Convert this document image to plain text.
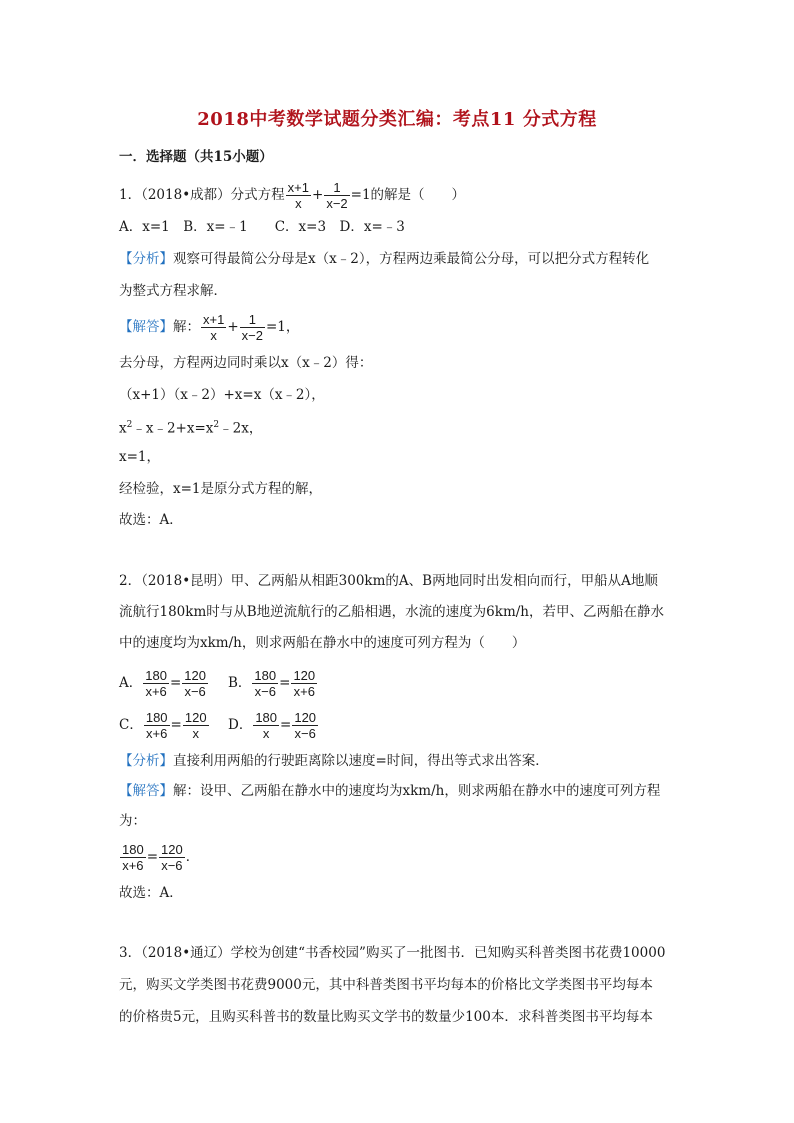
2018中考数学试题分类汇编：考点11 分式方程
一．选择题（共15小题）
1．（2018•成都）分式方程 $\frac{x+1}{x} + \frac{1}{x-2} =1$的解是（　　）
A．x=1　B．x=﹣1　　C．x=3　D．x=﹣3
【分析】观察可得最简公分母是x（x﹣2），方程两边乘最简公分母，可以把分式方程转化
为整式方程求解．
【解答】解： $\frac{x+1}{x} + \frac{1}{x-2} =1$，
去分母，方程两边同时乘以x（x﹣2）得：
（x+1）（x﹣2）+x=x（x﹣2），
$x^2﹣x﹣2+x=x^2﹣2x$，
x=1，
经检验，x=1是原分式方程的解，
故选：A．
2．（2018•昆明）甲、乙两船从相距300km的A、B两地同时出发相向而行，甲船从A地顺
流航行180km时与从B地逆流航行的乙船相遇，水流的速度为6km/h，若甲、乙两船在静水
中的速度均为xkm/h，则求两船在静水中的速度可列方程为（　　）
A． $\frac{180}{x+6} = \frac{120}{x-6}$ B． $\frac{180}{x-6} = \frac{120}{x+6}$
C． $\frac{180}{x+6} = \frac{120}{x}$ D． $\frac{180}{x} = \frac{120}{x-6}$
【分析】直接利用两船的行驶距离除以速度=时间，得出等式求出答案．
【解答】解：设甲、乙两船在静水中的速度均为xkm/h，则求两船在静水中的速度可列方程
为：
$\frac{180}{x+6} = \frac{120}{x-6}$ ．
故选：A．
3．（2018•通辽）学校为创建“书香校园”购买了一批图书．已知购买科普类图书花费10000
元，购买文学类图书花费9000元，其中科普类图书平均每本的价格比文学类图书平均每本
的价格贵5元，且购买科普书的数量比购买文学书的数量少100本．求科普类图书平均每本
